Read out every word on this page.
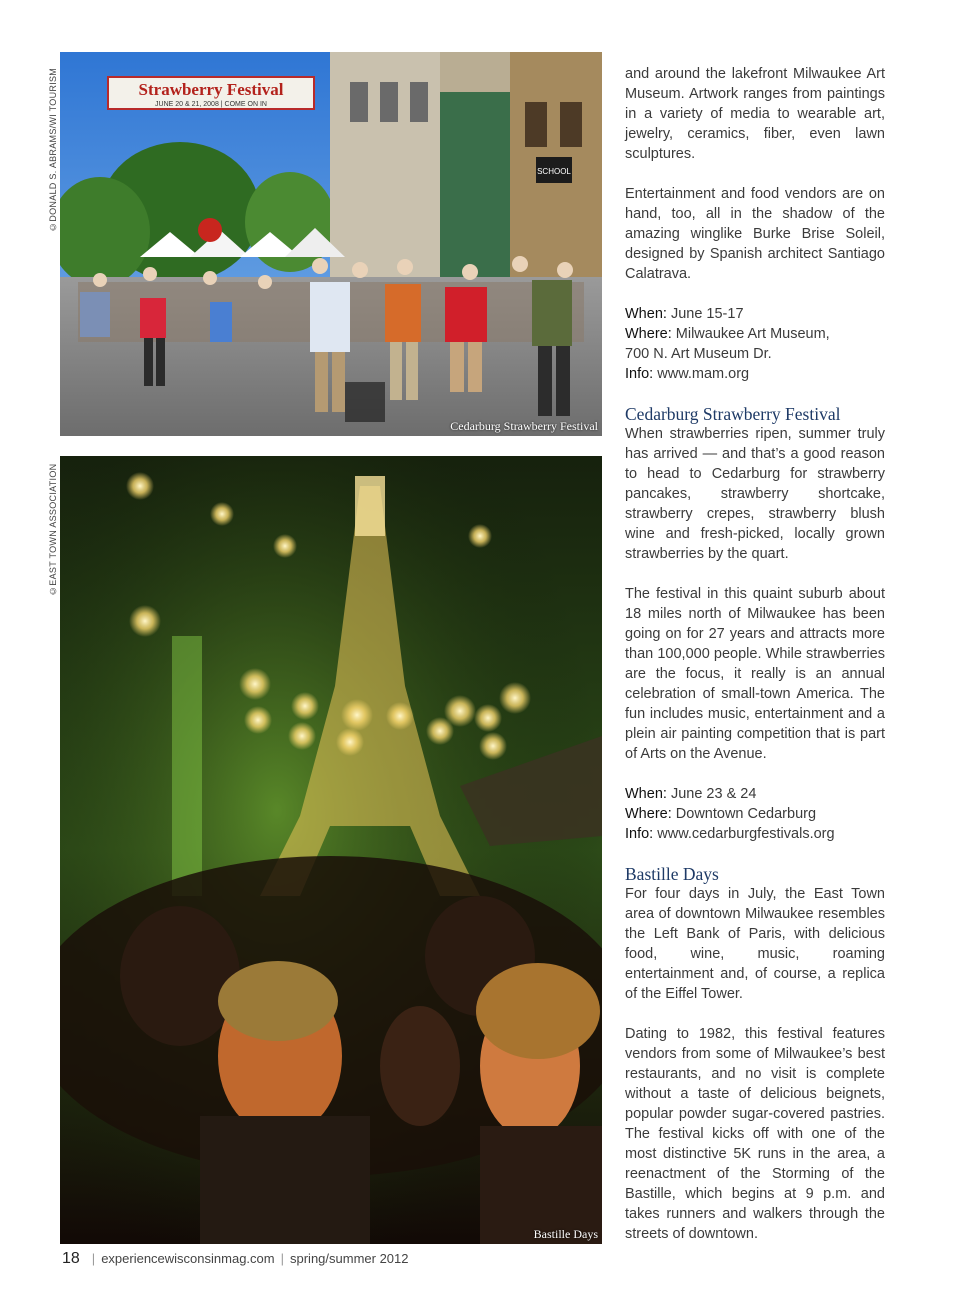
©DONALD S. ABRAMS/WI TOURISM
©EAST TOWN ASSOCIATION
SCHOOL
Strawberry Festival
JUNE 20 & 21, 2008 | COME ON IN
Cedarburg Strawberry Festival
Bastille Days

and around the lakefront Milwaukee Art Museum. Artwork ranges from paintings in a variety of media to wearable art, jewelry, ceramics, fiber, even lawn sculptures.

Entertainment and food vendors are on hand, too, all in the shadow of the amazing winglike Burke Brise Soleil, designed by Spanish architect Santiago Calatrava.

When: June 15-17
Where: Milwaukee Art Museum,
700 N. Art Museum Dr.
Info: www.mam.org
Cedarburg Strawberry Festival

When strawberries ripen, summer truly has arrived — and that’s a good reason to head to Cedarburg for strawberry pancakes, strawberry shortcake, strawberry crepes, strawberry blush wine and fresh-picked, locally grown strawberries by the quart.

The festival in this quaint suburb about 18 miles north of Milwaukee has been going on for 27 years and attracts more than 100,000 people. While strawberries are the focus, it really is an annual celebration of small-town America. The fun includes music, entertainment and a plein air painting competition that is part of Arts on the Avenue.

When: June 23 & 24
Where: Downtown Cedarburg
Info: www.cedarburgfestivals.org
Bastille Days

For four days in July, the East Town area of downtown Milwaukee resembles the Left Bank of Paris, with delicious food, wine, music, roaming entertainment and, of course, a replica of the Eiffel Tower.

Dating to 1982, this festival features vendors from some of Milwaukee’s best restaurants, and no visit is complete without a taste of delicious beignets, popular powder sugar-covered pastries. The festival kicks off with one of the most distinctive 5K runs in the area, a reenactment of the Storming of the Bastille, which begins at 9 p.m. and takes runners and walkers through the streets of downtown.

18 | experiencewisconsinmag.com | spring/summer 2012
